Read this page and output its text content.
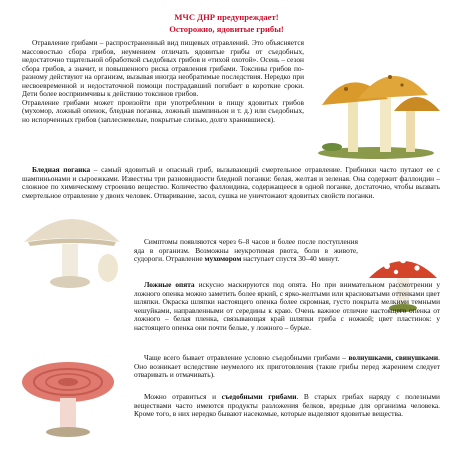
МЧС ДНР предупреждает!
Осторожно, ядовитые грибы!

Отравление грибами – распространенный вид пищевых отравлений. Это объясняется массовостью сбора грибов, неумением отличать ядовитые грибы от съедобных, недостаточно тщательной обработкой съедобных грибов и «тихой охотой». Осень – сезон сбора грибов, а значит, и повышенного риска отравления грибами. Токсины грибов по-разному действуют на организм, вызывая иногда необратимые последствия. Нередко при несвоевременной и недостаточной помощи пострадавший погибает в короткие сроки. Дети более восприимчивы к действию токсинов грибов.

Отравление грибами может произойти при употреблении в пищу ядовитых грибов (мухомор, ложный опенок, бледная поганка, ложный шампиньон и т. д.) или съедобных, но испорченных грибов (заплесневелые, покрытые слизью, долго хранившиеся).

Бледная поганка – самый ядовитый и опасный гриб, вызывающий смертельное отравление. Грибники часто путают ее с шампиньонами и сыроежками. Известны три разновидности бледной поганки: белая, желтая и зеленая. Она содержит фаллоидин – сложное по химическому строению вещество. Количество фаллоидина, содержащееся в одной поганке, достаточно, чтобы вызвать смертельное отравление у двоих человек. Отваривание, засол, сушка не уничтожают ядовитых свойств поганки.

Симптомы появляются через 6–8 часов и более после поступления яда в организм. Возможны неукротимая рвота, боли в животе, судороги. Отравление мухомором наступает спустя 30–40 минут.

Ложные опята искусно маскируются под опята. Но при внимательном рассмотрении у ложного опенка можно заметить более яркий, с ярко-желтыми или красноватыми оттенками цвет шляпки. Окраска шляпки настоящего опенка более скромная, густо покрыта мелкими темными чешуйками, направленными от середины к краю. Очень важное отличие настоящего опенка от ложного – белая пленка, связывающая край шляпки гриба с ножкой; цвет пластинок: у настоящего опенка они почти белые, у ложного – бурые.

Чаще всего бывает отравление условно съедобными грибами – волнушками, свинушками. Оно возникает вследствие неумелого их приготовления (такие грибы перед жарением следует отваривать и отмачивать).

Можно отравиться и съедобными грибами. В старых грибах наряду с полезными веществами часто имеются продукты разложения белков, вредные для организма человека. Кроме того, в них нередко бывают насекомые, которые выделяют ядовитые вещества.
